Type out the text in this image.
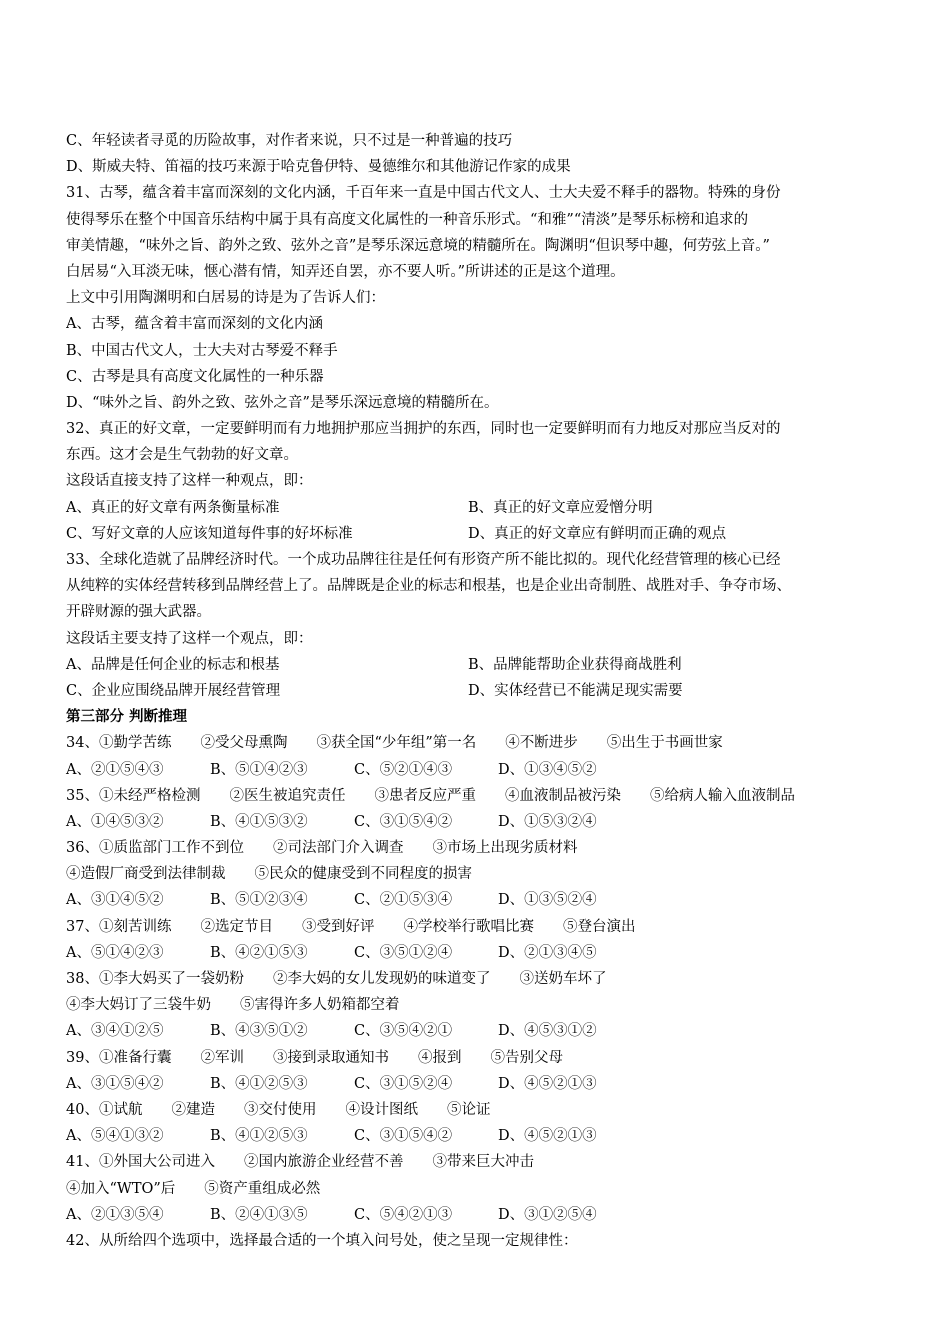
C、年轻读者寻觅的历险故事，对作者来说，只不过是一种普遍的技巧
D、斯威夫特、笛福的技巧来源于哈克鲁伊特、曼德维尔和其他游记作家的成果
31、古琴，蕴含着丰富而深刻的文化内涵，千百年来一直是中国古代文人、士大夫爱不释手的器物。特殊的身份
使得琴乐在整个中国音乐结构中属于具有高度文化属性的一种音乐形式。“和雅”“清淡”是琴乐标榜和追求的
审美情趣，“味外之旨、韵外之致、弦外之音”是琴乐深远意境的精髓所在。陶渊明“但识琴中趣，何劳弦上音。”
白居易“入耳淡无味，惬心潜有情，知弄还自罢，亦不要人听。”所讲述的正是这个道理。
上文中引用陶渊明和白居易的诗是为了告诉人们：
A、古琴，蕴含着丰富而深刻的文化内涵
B、中国古代文人，士大夫对古琴爱不释手
C、古琴是具有高度文化属性的一种乐器
D、“味外之旨、韵外之致、弦外之音”是琴乐深远意境的精髓所在。
32、真正的好文章，一定要鲜明而有力地拥护那应当拥护的东西，同时也一定要鲜明而有力地反对那应当反对的
东西。这才会是生气勃勃的好文章。
这段话直接支持了这样一种观点，即：
A、真正的好文章有两条衡量标准	B、真正的好文章应爱憎分明
C、写好文章的人应该知道每件事的好坏标准	D、真正的好文章应有鲜明而正确的观点
33、全球化造就了品牌经济时代。一个成功品牌往往是任何有形资产所不能比拟的。现代化经营管理的核心已经
从纯粹的实体经营转移到品牌经营上了。品牌既是企业的标志和根基，也是企业出奇制胜、战胜对手、争夺市场、
开辟财源的强大武器。
这段话主要支持了这样一个观点，即：
A、品牌是任何企业的标志和根基	B、品牌能帮助企业获得商战胜利
C、企业应围绕品牌开展经营管理	D、实体经营已不能满足现实需要
第三部分 判断推理
34、①勤学苦练　　②受父母熏陶　　③获全国“少年组”第一名　　④不断进步　　⑤出生于书画世家
A、②①⑤④③	B、⑤①④②③	C、⑤②①④③	D、①③④⑤②
35、①未经严格检测　　②医生被追究责任　　③患者反应严重　　④血液制品被污染　　⑤给病人输入血液制品
A、①④⑤③②	B、④①⑤③②	C、③①⑤④②	D、①⑤③②④
36、①质监部门工作不到位　　②司法部门介入调查　　③市场上出现劣质材料
④造假厂商受到法律制裁　　⑤民众的健康受到不同程度的损害
A、③①④⑤②	B、⑤①②③④	C、②①⑤③④	D、①③⑤②④
37、①刻苦训练　　②选定节目　　③受到好评　　④学校举行歌唱比赛　　⑤登台演出
A、⑤①④②③	B、④②①⑤③	C、③⑤①②④	D、②①③④⑤
38、①李大妈买了一袋奶粉　　②李大妈的女儿发现奶的味道变了　　③送奶车坏了
④李大妈订了三袋牛奶　　⑤害得许多人奶箱都空着
A、③④①②⑤	B、④③⑤①②	C、③⑤④②①	D、④⑤③①②
39、①准备行囊　　②军训　　③接到录取通知书　　④报到　　⑤告别父母
A、③①⑤④②	B、④①②⑤③	C、③①⑤②④	D、④⑤②①③
40、①试航　　②建造　　③交付使用　　④设计图纸　　⑤论证
A、⑤④①③②	B、④①②⑤③	C、③①⑤④②	D、④⑤②①③
41、①外国大公司进入　　②国内旅游企业经营不善　　③带来巨大冲击
④加入“WTO”后　　⑤资产重组成必然
A、②①③⑤④	B、②④①③⑤	C、⑤④②①③	D、③①②⑤④
42、从所给四个选项中，选择最合适的一个填入问号处，使之呈现一定规律性：
